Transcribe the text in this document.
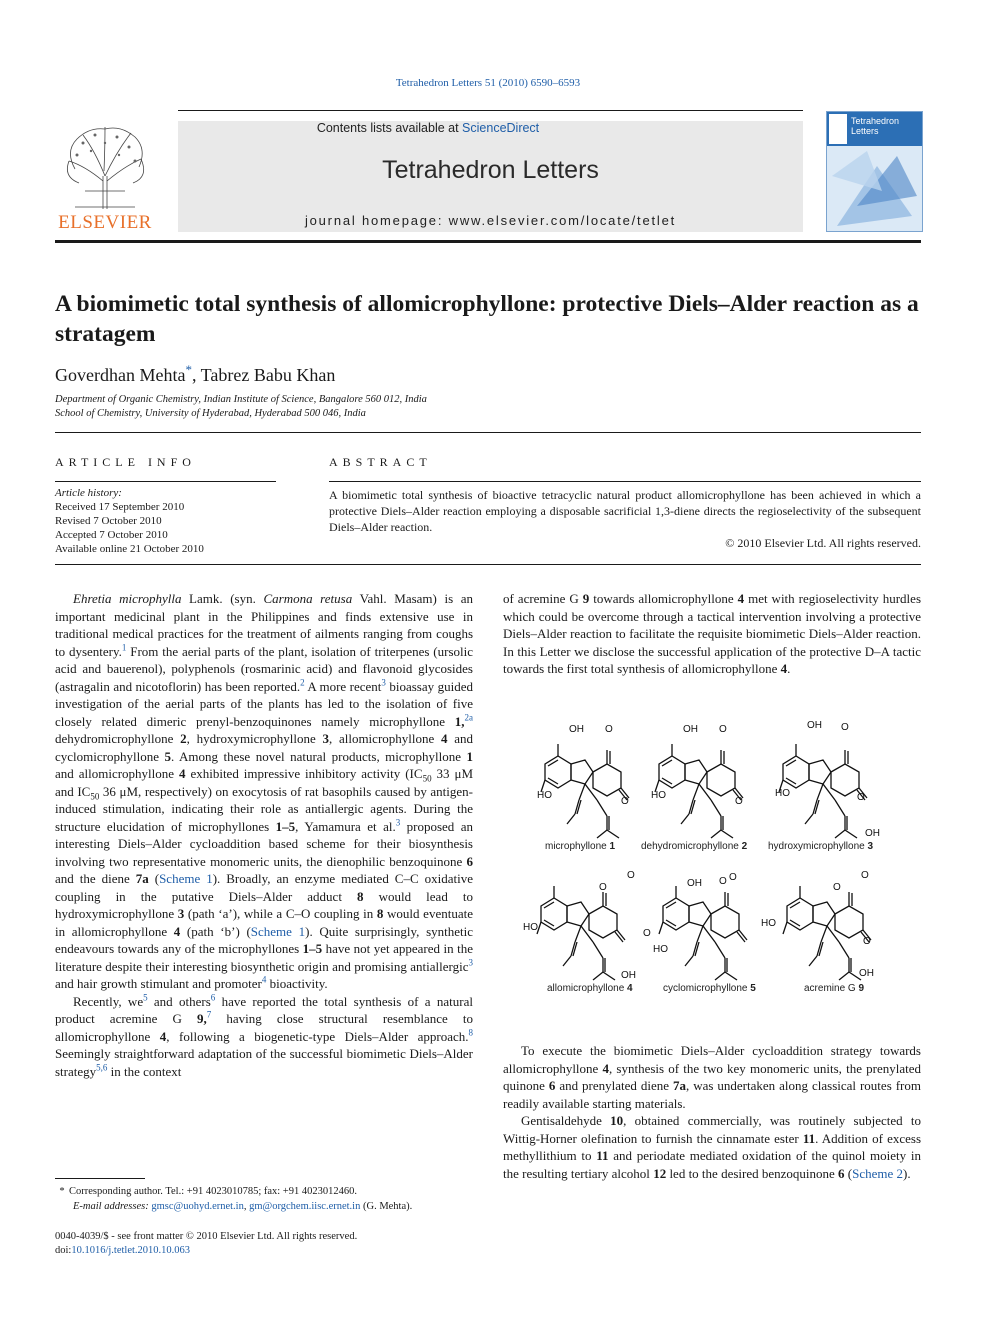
Tetrahedron Letters 51 (2010) 6590–6593
ELSEVIER
Contents lists available at ScienceDirect
Tetrahedron Letters
journal homepage: www.elsevier.com/locate/tetlet
Tetrahedron
Letters
A biomimetic total synthesis of allomicrophyllone: protective Diels–Alder reaction as a stratagem
Goverdhan Mehta*, Tabrez Babu Khan
Department of Organic Chemistry, Indian Institute of Science, Bangalore 560 012, India
School of Chemistry, University of Hyderabad, Hyderabad 500 046, India
ARTICLE INFO
Article history:
Received 17 September 2010
Revised 7 October 2010
Accepted 7 October 2010
Available online 21 October 2010
ABSTRACT
A biomimetic total synthesis of bioactive tetracyclic natural product allomicrophyllone has been achieved in which a protective Diels–Alder reaction employing a disposable sacrificial 1,3-diene directs the regioselectivity of the subsequent Diels–Alder reaction.
© 2010 Elsevier Ltd. All rights reserved.

Ehretia microphylla Lamk. (syn. Carmona retusa Vahl. Masam) is an important medicinal plant in the Philippines and finds extensive use in traditional medical practices for the treatment of ailments ranging from coughs to dysentery.$^1$ From the aerial parts of the plant, isolation of triterpenes (ursolic acid and bauerenol), polyphenols (rosmarinic acid) and flavonoid glycosides (astragalin and nicotoflorin) has been reported.$^2$ A more recent$^3$ bioassay guided investigation of the aerial parts of the plants has led to the isolation of five closely related dimeric prenyl-benzoquinones namely microphyllone 1,$^{2a}$ dehydromicrophyllone 2, hydroxymicrophyllone 3, allomicrophyllone 4 and cyclomicrophyllone 5. Among these novel natural products, microphyllone 1 and allomicrophyllone 4 exhibited impressive inhibitory activity ($IC_{50}$ 33 μM and $IC_{50}$ 36 μM, respectively) on exocytosis of rat basophils caused by antigen-induced stimulation, indicating their role as antiallergic agents. During the structure elucidation of microphyllones 1–5, Yamamura et al.$^3$ proposed an interesting Diels–Alder cycloaddition based scheme for their biosynthesis involving two representative monomeric units, the dienophilic benzoquinone 6 and the diene 7a (Scheme 1). Broadly, an enzyme mediated C–C oxidative coupling in the putative Diels–Alder adduct 8 would lead to hydroxymicrophyllone 3 (path ‘a’), while a C–O coupling in 8 would eventuate in allomicrophyllone 4 (path ‘b’) (Scheme 1). Quite surprisingly, synthetic endeavours towards any of the microphyllones 1–5 have not yet appeared in the literature despite their interesting biosynthetic origin and promising antiallergic$^3$ and hair growth stimulant and promoter$^4$ bioactivity.

Recently, $we^5$ and others$^6$ have reported the total synthesis of a natural product acremine G 9,$^7$ having close structural resemblance to allomicrophyllone 4, following a biogenetic-type Diels–Alder approach.$^8$ Seemingly straightforward adaptation of the successful biomimetic Diels–Alder strategy$^{5,6}$ in the context

of acremine G 9 towards allomicrophyllone 4 met with regioselectivity hurdles which could be overcome through a tactical intervention involving a protective Diels–Alder reaction to facilitate the requisite biomimetic Diels–Alder reaction. In this Letter we disclose the successful application of the protective D–A tactic towards the first total synthesis of allomicrophyllone 4.

OH O
HO
O
OH O
HO
O
OH O
HO	O
OH
O
O
HO
O
OH
OH O
HO
O
O
O
HO
O
OH
microphyllone 1	dehydromicrophyllone 2 hydroxymicrophyllone 3
allomicrophyllone 4	cyclomicrophyllone 5	acremine G 9

To execute the biomimetic Diels–Alder cycloaddition strategy towards allomicrophyllone 4, synthesis of the two key monomeric units, the prenylated quinone 6 and prenylated diene 7a, was undertaken along classical routes from readily available starting materials.

Gentisaldehyde 10, obtained commercially, was routinely subjected to Wittig-Horner olefination to furnish the cinnamate ester 11. Addition of excess methyllithium to 11 and periodate mediated oxidation of the quinol moiety in the resulting tertiary alcohol 12 led to the desired benzoquinone 6 (Scheme 2).

* Corresponding author. Tel.: +91 4023010785; fax: +91 4023012460.
E-mail addresses: gmsc@uohyd.ernet.in, gm@orgchem.iisc.ernet.in (G. Mehta).
0040-4039/$ - see front matter © 2010 Elsevier Ltd. All rights reserved.
doi:10.1016/j.tetlet.2010.10.063
